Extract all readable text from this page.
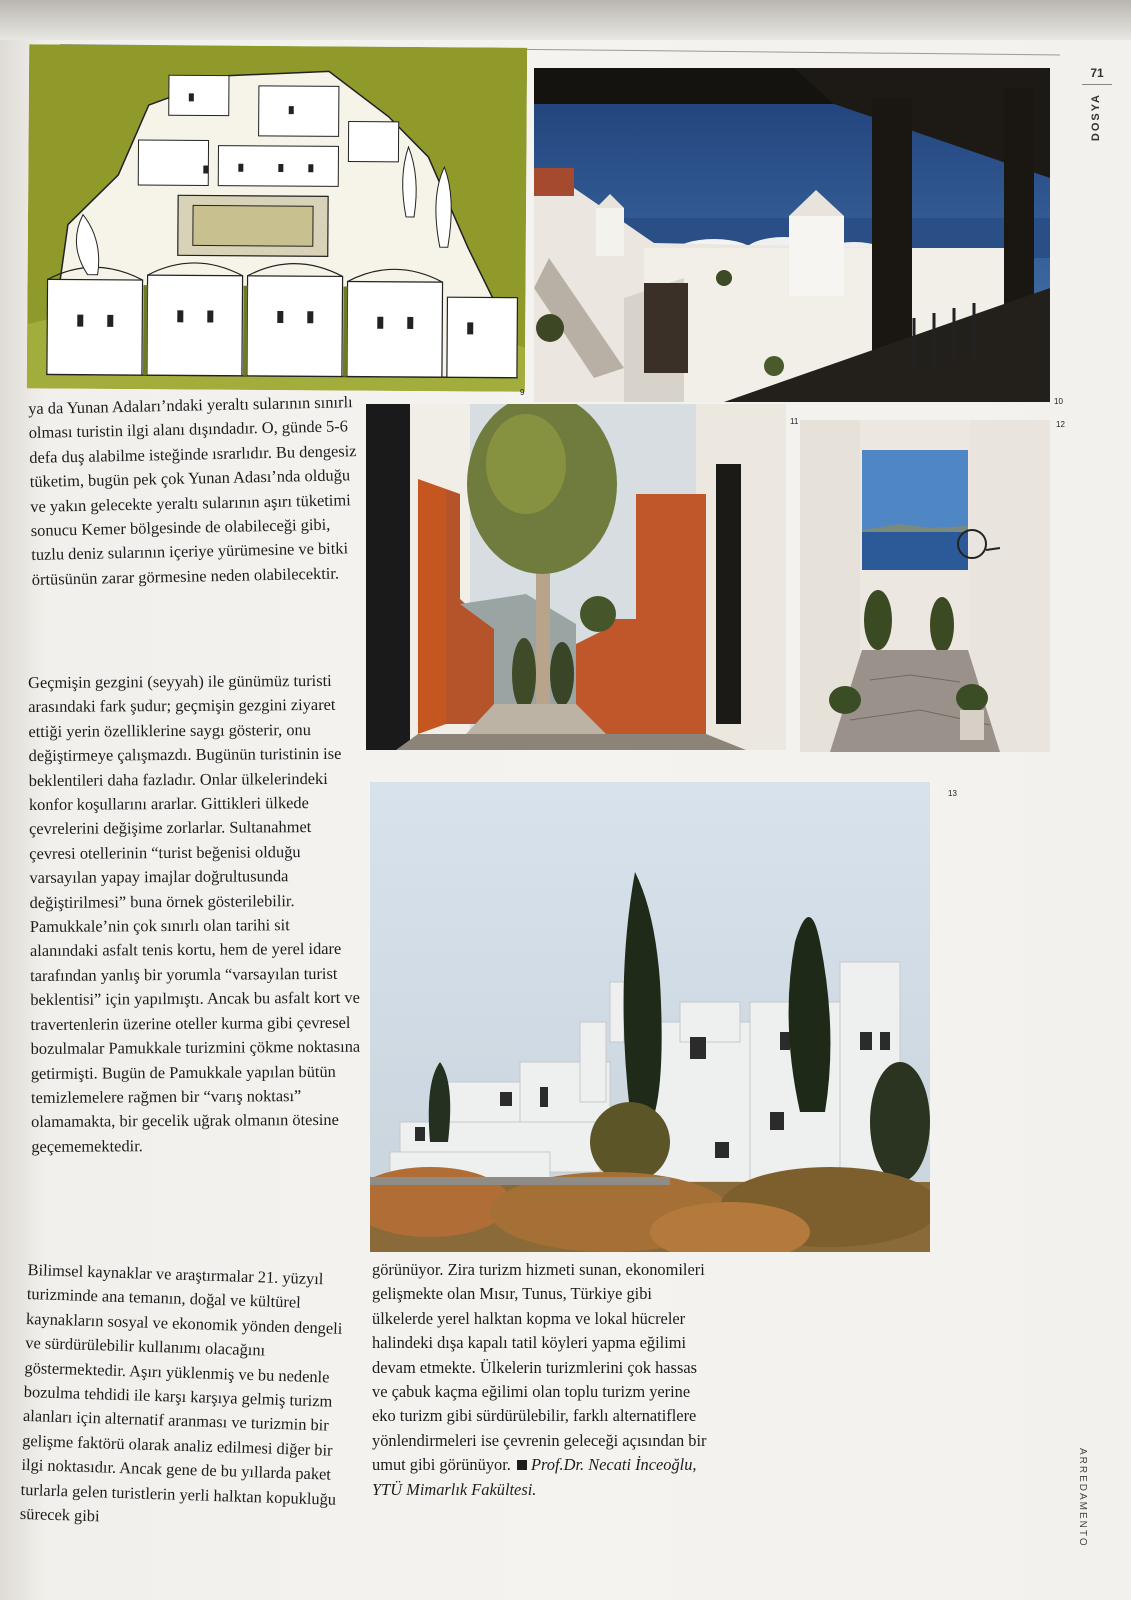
71
DOSYA
9
10
11	12
13

ya da Yunan Adaları’ndaki yeraltı sularının sınırlı olması turistin ilgi alanı dışındadır. O, günde 5-6 defa duş alabilme isteğinde ısrarlıdır. Bu dengesiz tüketim, bugün pek çok Yunan Adası’nda olduğu ve yakın gelecekte yeraltı sularının aşırı tüketimi sonucu Kemer bölgesinde de olabileceği gibi, tuzlu deniz sularının içeriye yürümesine ve bitki örtüsünün zarar görmesine neden olabilecektir.

Geçmişin gezgini (seyyah) ile günümüz turisti arasındaki fark şudur; geçmişin gezgini ziyaret ettiği yerin özelliklerine saygı gösterir, onu değiştirmeye çalışmazdı. Bugünün turistinin ise beklentileri daha fazladır. Onlar ülkelerindeki konfor koşullarını ararlar. Gittikleri ülkede çevrelerini değişime zorlarlar. Sultanahmet çevresi otellerinin “turist beğenisi olduğu varsayılan yapay imajlar doğrultusunda değiştirilmesi” buna örnek gösterilebilir. Pamukkale’nin çok sınırlı olan tarihi sit alanındaki asfalt tenis kortu, hem de yerel idare tarafından yanlış bir yorumla “varsayılan turist beklentisi” için yapılmıştı. Ancak bu asfalt kort ve travertenlerin üzerine oteller kurma gibi çevresel bozulmalar Pamukkale turizmini çökme noktasına getirmişti. Bugün de Pamukkale yapılan bütün temizlemelere rağmen bir “varış noktası” olamamakta, bir gecelik uğrak olmanın ötesine geçememektedir.

Bilimsel kaynaklar ve araştırmalar 21. yüzyıl turizminde ana temanın, doğal ve kültürel kaynakların sosyal ve ekonomik yönden dengeli ve sürdürülebilir kullanımı olacağını göstermektedir. Aşırı yüklenmiş ve bu nedenle bozulma tehdidi ile karşı karşıya gelmiş turizm alanları için alternatif aranması ve turizmin bir gelişme faktörü olarak analiz edilmesi diğer bir ilgi noktasıdır. Ancak gene de bu yıllarda paket turlarla gelen turistlerin yerli halktan kopukluğu sürecek gibi

görünüyor. Zira turizm hizmeti sunan, ekonomileri gelişmekte olan Mısır, Tunus, Türkiye gibi ülkelerde yerel halktan kopma ve lokal hücreler halindeki dışa kapalı tatil köyleri yapma eğilimi devam etmekte. Ülkelerin turizmlerini çok hassas ve çabuk kaçma eğilimi olan toplu turizm yerine eko turizm gibi sürdürülebilir, farklı alternatiflere yönlendirmeleri ise çevrenin geleceği açısından bir umut gibi görünüyor. Prof.Dr. Necati İnceoğlu, YTÜ Mimarlık Fakültesi.	ARREDAMENTO
